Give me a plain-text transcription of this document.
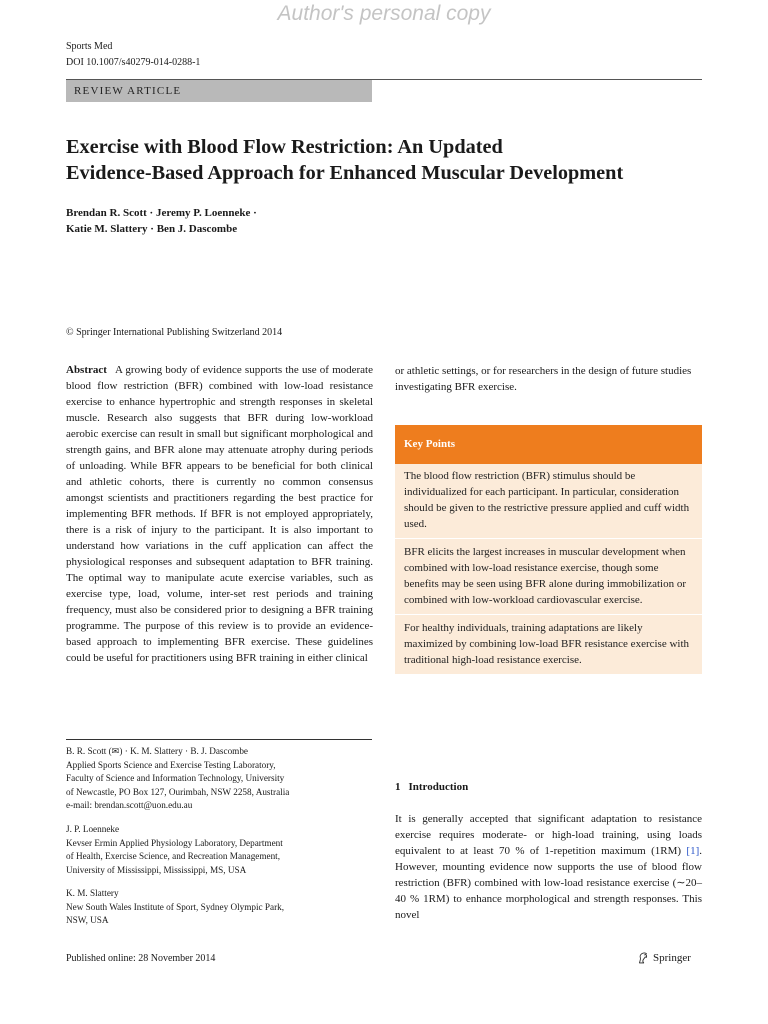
Author's personal copy
Sports Med
DOI 10.1007/s40279-014-0288-1
REVIEW ARTICLE
Exercise with Blood Flow Restriction: An Updated
Evidence-Based Approach for Enhanced Muscular Development
Brendan R. Scott · Jeremy P. Loenneke ·
Katie M. Slattery · Ben J. Dascombe
© Springer International Publishing Switzerland 2014
Abstract A growing body of evidence supports the use of moderate blood flow restriction (BFR) combined with low-load resistance exercise to enhance hypertrophic and strength responses in skeletal muscle. Research also suggests that BFR during low-workload aerobic exercise can result in small but significant morphological and strength gains, and BFR alone may attenuate atrophy during periods of unloading. While BFR appears to be beneficial for both clinical and athletic cohorts, there is currently no common consensus amongst scientists and practitioners regarding the best practice for implementing BFR methods. If BFR is not employed appropriately, there is a risk of injury to the participant. It is also important to understand how variations in the cuff application can affect the physiological responses and subsequent adaptation to BFR training. The optimal way to manipulate acute exercise variables, such as exercise type, load, volume, inter-set rest periods and training frequency, must also be considered prior to designing a BFR training programme. The purpose of this review is to provide an evidence-based approach to implementing BFR exercise. These guidelines could be useful for practitioners using BFR training in either clinical
or athletic settings, or for researchers in the design of future studies investigating BFR exercise.
Key Points
The blood flow restriction (BFR) stimulus should be individualized for each participant. In particular, consideration should be given to the restrictive pressure applied and cuff width used.
BFR elicits the largest increases in muscular development when combined with low-load resistance exercise, though some benefits may be seen using BFR alone during immobilization or combined with low-workload cardiovascular exercise.
For healthy individuals, training adaptations are likely maximized by combining low-load BFR resistance exercise with traditional high-load resistance exercise.
B. R. Scott (✉) · K. M. Slattery · B. J. Dascombe
Applied Sports Science and Exercise Testing Laboratory,
Faculty of Science and Information Technology, University
of Newcastle, PO Box 127, Ourimbah, NSW 2258, Australia
e-mail: brendan.scott@uon.edu.au
J. P. Loenneke
Kevser Ermin Applied Physiology Laboratory, Department
of Health, Exercise Science, and Recreation Management,
University of Mississippi, Mississippi, MS, USA
K. M. Slattery
New South Wales Institute of Sport, Sydney Olympic Park,
NSW, USA
1 Introduction
It is generally accepted that significant adaptation to resistance exercise requires moderate- or high-load training, using loads equivalent to at least 70 % of 1-repetition maximum (1RM) [1]. However, mounting evidence now supports the use of blood flow restriction (BFR) combined with low-load resistance exercise (∼20–40 % 1RM) to enhance morphological and strength responses. This novel
Published online: 28 November 2014	Springer
